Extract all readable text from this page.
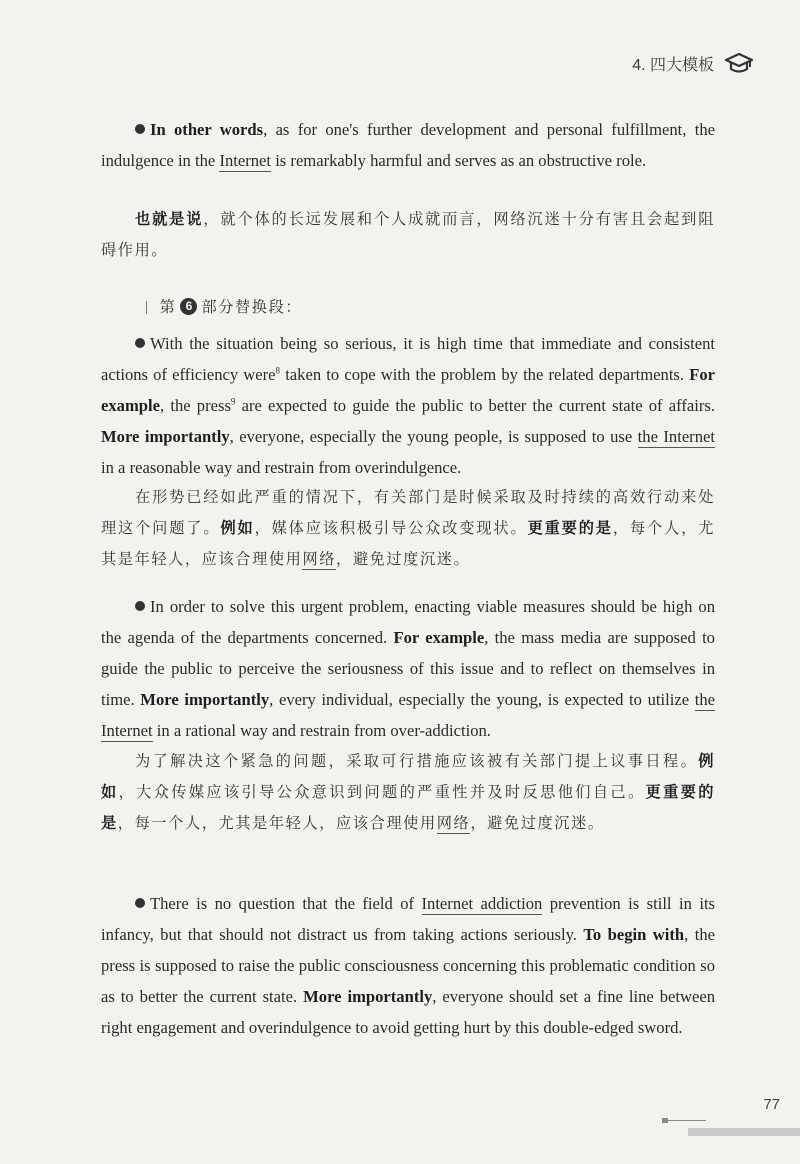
4. 四大模板

In other words, as for one's further development and personal fulfillment, the indulgence in the Internet is remarkably harmful and serves as an obstructive role.

也就是说，就个体的长远发展和个人成就而言，网络沉迷十分有害且会起到阻碍作用。

| 第 6 部分替换段：

With the situation being so serious, it is high time that immediate and consistent actions of efficiency were$^8$ taken to cope with the problem by the related departments. For example, the press$^9$ are expected to guide the public to better the current state of affairs. More importantly, everyone, especially the young people, is supposed to use the Internet in a reasonable way and restrain from overindulgence.

在形势已经如此严重的情况下，有关部门是时候采取及时持续的高效行动来处理这个问题了。例如，媒体应该积极引导公众改变现状。更重要的是，每个人，尤其是年轻人，应该合理使用网络，避免过度沉迷。

In order to solve this urgent problem, enacting viable measures should be high on the agenda of the departments concerned. For example, the mass media are supposed to guide the public to perceive the seriousness of this issue and to reflect on themselves in time. More importantly, every individual, especially the young, is expected to utilize the Internet in a rational way and restrain from over-addiction.

为了解决这个紧急的问题，采取可行措施应该被有关部门提上议事日程。例如，大众传媒应该引导公众意识到问题的严重性并及时反思他们自己。更重要的是，每一个人，尤其是年轻人，应该合理使用网络，避免过度沉迷。

There is no question that the field of Internet addiction prevention is still in its infancy, but that should not distract us from taking actions seriously. To begin with, the press is supposed to raise the public consciousness concerning this problematic condition so as to better the current state. More importantly, everyone should set a fine line between right engagement and overindulgence to avoid getting hurt by this double-edged sword.

77
